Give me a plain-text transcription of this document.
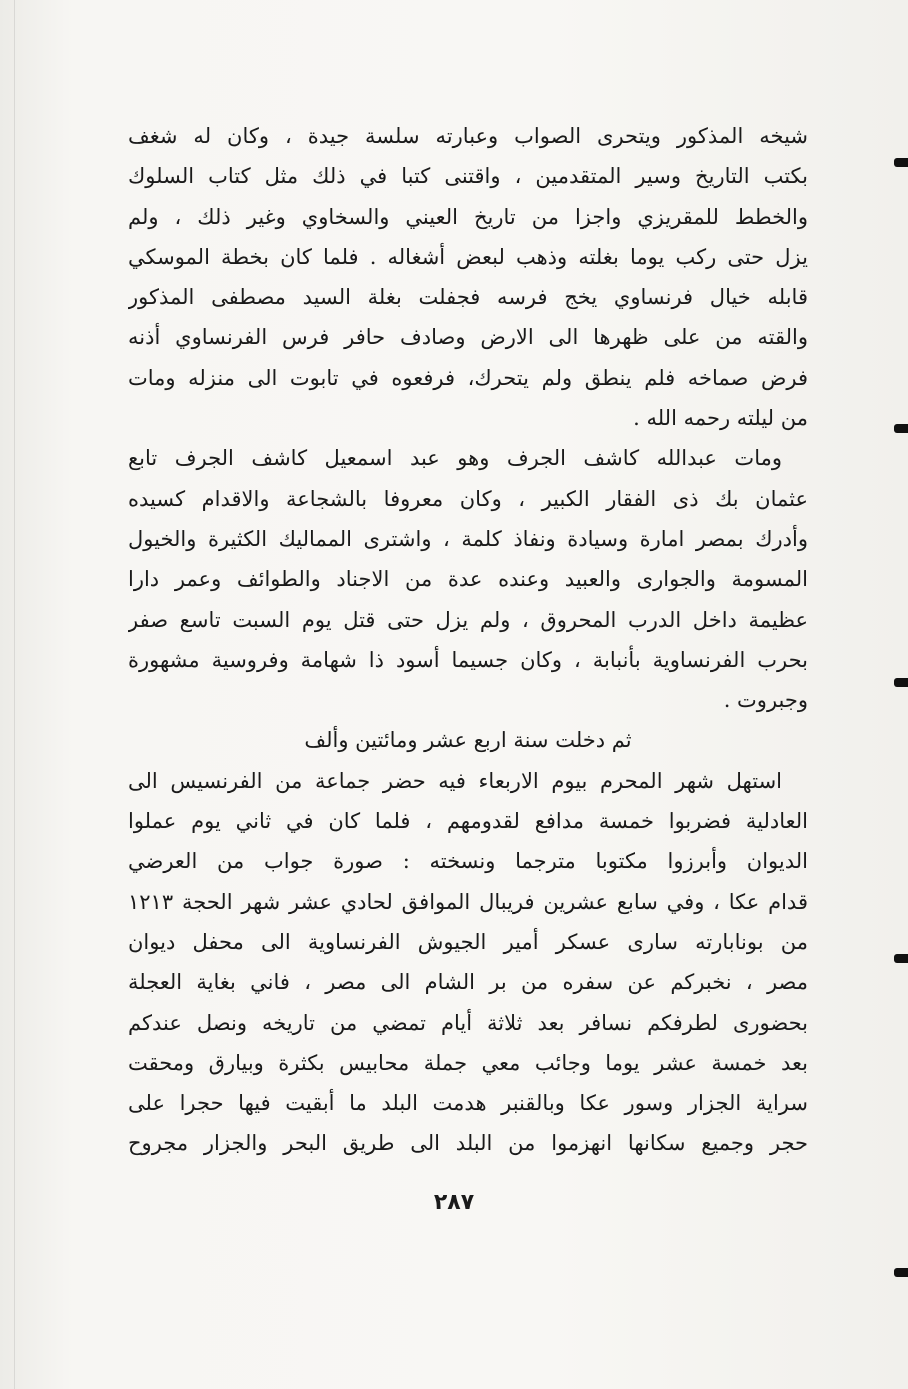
شيخه المذكور ويتحرى الصواب وعبارته سلسة جيدة ، وكان له شغف
بكتب التاريخ وسير المتقدمين ، واقتنى كتبا في ذلك مثل كتاب السلوك
والخطط للمقريزي واجزا من تاريخ العيني والسخاوي وغير ذلك ، ولم
يزل حتى ركب يوما بغلته وذهب لبعض أشغاله . فلما كان بخطة الموسكي
قابله خيال فرنساوي يخج فرسه فجفلت بغلة السيد مصطفى المذكور
والقته من على ظهرها الى الارض وصادف حافر فرس الفرنساوي أذنه
فرض صماخه فلم ينطق ولم يتحرك، فرفعوه في تابوت الى منزله ومات
من ليلته رحمه الله .
ومات عبدالله كاشف الجرف وهو عبد اسمعيل كاشف الجرف تابع
عثمان بك ذى الفقار الكبير ، وكان معروفا بالشجاعة والاقدام كسيده
وأدرك بمصر امارة وسيادة ونفاذ كلمة ، واشترى المماليك الكثيرة والخيول
المسومة والجوارى والعبيد وعنده عدة من الاجناد والطوائف وعمر دارا
عظيمة داخل الدرب المحروق ، ولم يزل حتى قتل يوم السبت تاسع صفر
بحرب الفرنساوية بأنبابة ، وكان جسيما أسود ذا شهامة وفروسية مشهورة
وجبروت .
ثم دخلت سنة اربع عشر ومائتين وألف
استهل شهر المحرم بيوم الاربعاء فيه حضر جماعة من الفرنسيس الى
العادلية فضربوا خمسة مدافع لقدومهم ، فلما كان في ثاني يوم عملوا
الديوان وأبرزوا مكتوبا مترجما ونسخته : صورة جواب من العرضي
قدام عكا ، وفي سابع عشرين فريبال الموافق لحادي عشر شهر الحجة ١٢١٣
من بونابارته سارى عسكر أمير الجيوش الفرنساوية الى محفل ديوان
مصر ، نخبركم عن سفره من بر الشام الى مصر ، فاني بغاية العجلة
بحضورى لطرفكم نسافر بعد ثلاثة أيام تمضي من تاريخه ونصل عندكم
بعد خمسة عشر يوما وجائب معي جملة محابيس بكثرة وبيارق ومحقت
سراية الجزار وسور عكا وبالقنبر هدمت البلد ما أبقيت فيها حجرا على
حجر وجميع سكانها انهزموا من البلد الى طريق البحر والجزار مجروح
٢٨٧
